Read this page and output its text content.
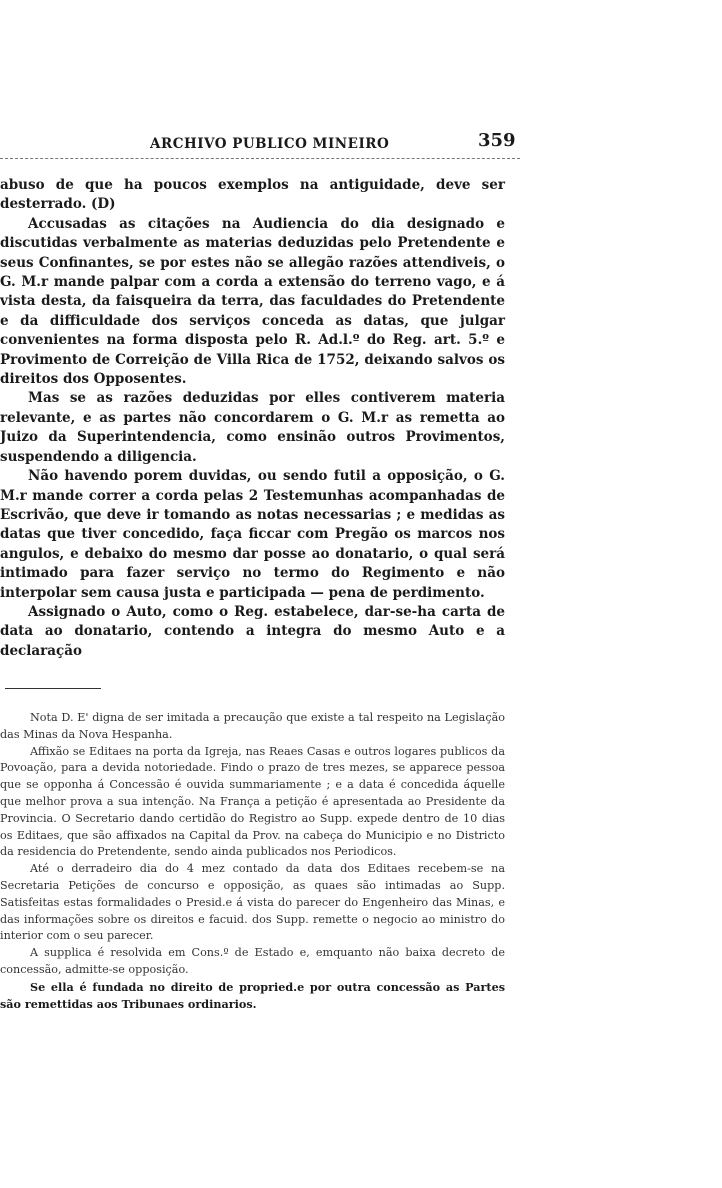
ARCHIVO PUBLICO MINEIRO	359

abuso de que ha poucos exemplos na antiguidade, deve ser desterrado. (D)

Accusadas as citações na Audiencia do dia designado e discutidas verbalmente as materias deduzidas pelo Pretendente e seus Confinantes, se por estes não se allegão razões attendiveis, o G. M.r mande palpar com a corda a extensão do terreno vago, e á vista desta, da faisqueira da terra, das faculdades do Pretendente e da difficuldade dos serviços conceda as datas, que julgar convenientes na forma disposta pelo R. Ad.l.º do Reg. art. 5.º e Provimento de Correição de Villa Rica de 1752, deixando salvos os direitos dos Opposentes.

Mas se as razões deduzidas por elles contiverem materia relevante, e as partes não concordarem o G. M.r as remetta ao Juizo da Superintendencia, como ensinão outros Provimentos, suspendendo a diligencia.

Não havendo porem duvidas, ou sendo futil a opposição, o G. M.r mande correr a corda pelas 2 Testemunhas acompanhadas de Escrivão, que deve ir tomando as notas necessarias ; e medidas as datas que tiver concedido, faça ficcar com Pregão os marcos nos angulos, e debaixo do mesmo dar posse ao donatario, o qual será intimado para fazer serviço no termo do Regimento e não interpolar sem causa justa e participada — pena de perdimento.

Assignado o Auto, como o Reg. estabelece, dar-se-ha carta de data ao donatario, contendo a integra do mesmo Auto e a declaração

Nota D. E' digna de ser imitada a precaução que existe a tal respeito na Legislação das Minas da Nova Hespanha.

Affixão se Editaes na porta da Igreja, nas Reaes Casas e outros logares publicos da Povoação, para a devida notoriedade. Findo o prazo de tres mezes, se apparece pessoa que se opponha á Concessão é ouvida summariamente ; e a data é concedida áquelle que melhor prova a sua intenção. Na França a petição é apresentada ao Presidente da Provincia. O Secretario dando certidão do Registro ao Supp. expede dentro de 10 dias os Editaes, que são affixados na Capital da Prov. na cabeça do Municipio e no Districto da residencia do Pretendente, sendo ainda publicados nos Periodicos.

Até o derradeiro dia do 4 mez contado da data dos Editaes recebem-se na Secretaria Petições de concurso e opposição, as quaes são intimadas ao Supp. Satisfeitas estas formalidades o Presid.e á vista do parecer do Engenheiro das Minas, e das informações sobre os direitos e facuid. dos Supp. remette o negocio ao ministro do interior com o seu parecer.

A supplica é resolvida em Cons.º de Estado e, emquanto não baixa decreto de concessão, admitte-se opposição.

Se ella é fundada no direito de propried.e por outra concessão as Partes são remettidas aos Tribunaes ordinarios.
